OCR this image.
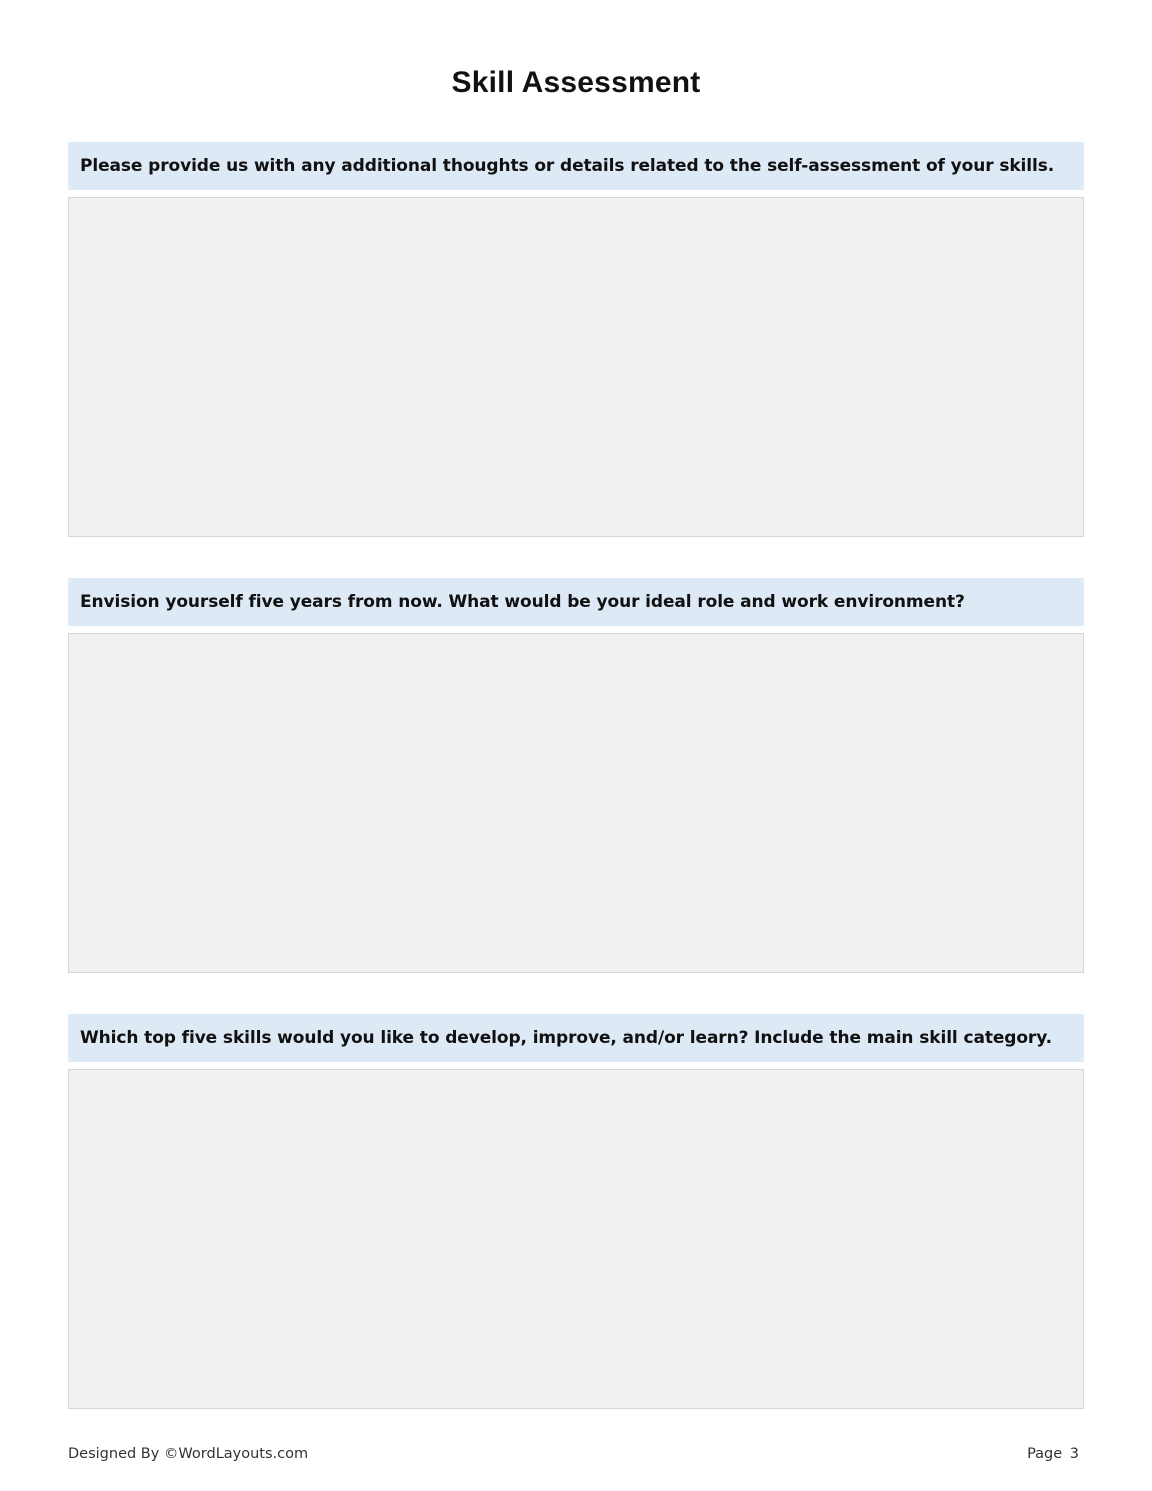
Skill Assessment
Please provide us with any additional thoughts or details related to the self-assessment of your skills.
Envision yourself five years from now. What would be your ideal role and work environment?
Which top five skills would you like to develop, improve, and/or learn? Include the main skill category.
Designed By ©WordLayouts.com	Page 3
